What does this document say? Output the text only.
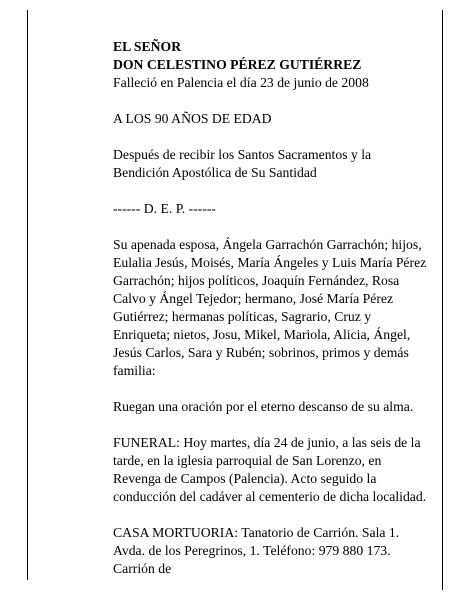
EL SEÑOR

DON CELESTINO PÉREZ GUTIÉRREZ

Falleció en Palencia el día 23 de junio de 2008

A LOS 90 AÑOS DE EDAD

Después de recibir los Santos Sacramentos y la Bendición Apostólica de Su Santidad

------ D. E. P. ------

Su apenada esposa, Ángela Garrachón Garrachón; hijos, Eulalia Jesús, Moisés, María Ángeles y Luis María Pérez Garrachón; hijos políticos, Joaquín Fernández, Rosa Calvo y Ángel Tejedor; hermano, José María Pérez Gutiérrez; hermanas políticas, Sagrario, Cruz y Enriqueta; nietos, Josu, Mikel, Mariola, Alicia, Ángel, Jesús Carlos, Sara y Rubén; sobrinos, primos y demás familia:

Ruegan una oración por el eterno descanso de su alma.

FUNERAL: Hoy martes, día 24 de junio, a las seis de la tarde, en la iglesia parroquial de San Lorenzo, en Revenga de Campos (Palencia). Acto seguido la conducción del cadáver al cementerio de dicha localidad.

CASA MORTUORIA: Tanatorio de Carrión. Sala 1. Avda. de los Peregrinos, 1. Teléfono: 979 880 173. Carrión de
